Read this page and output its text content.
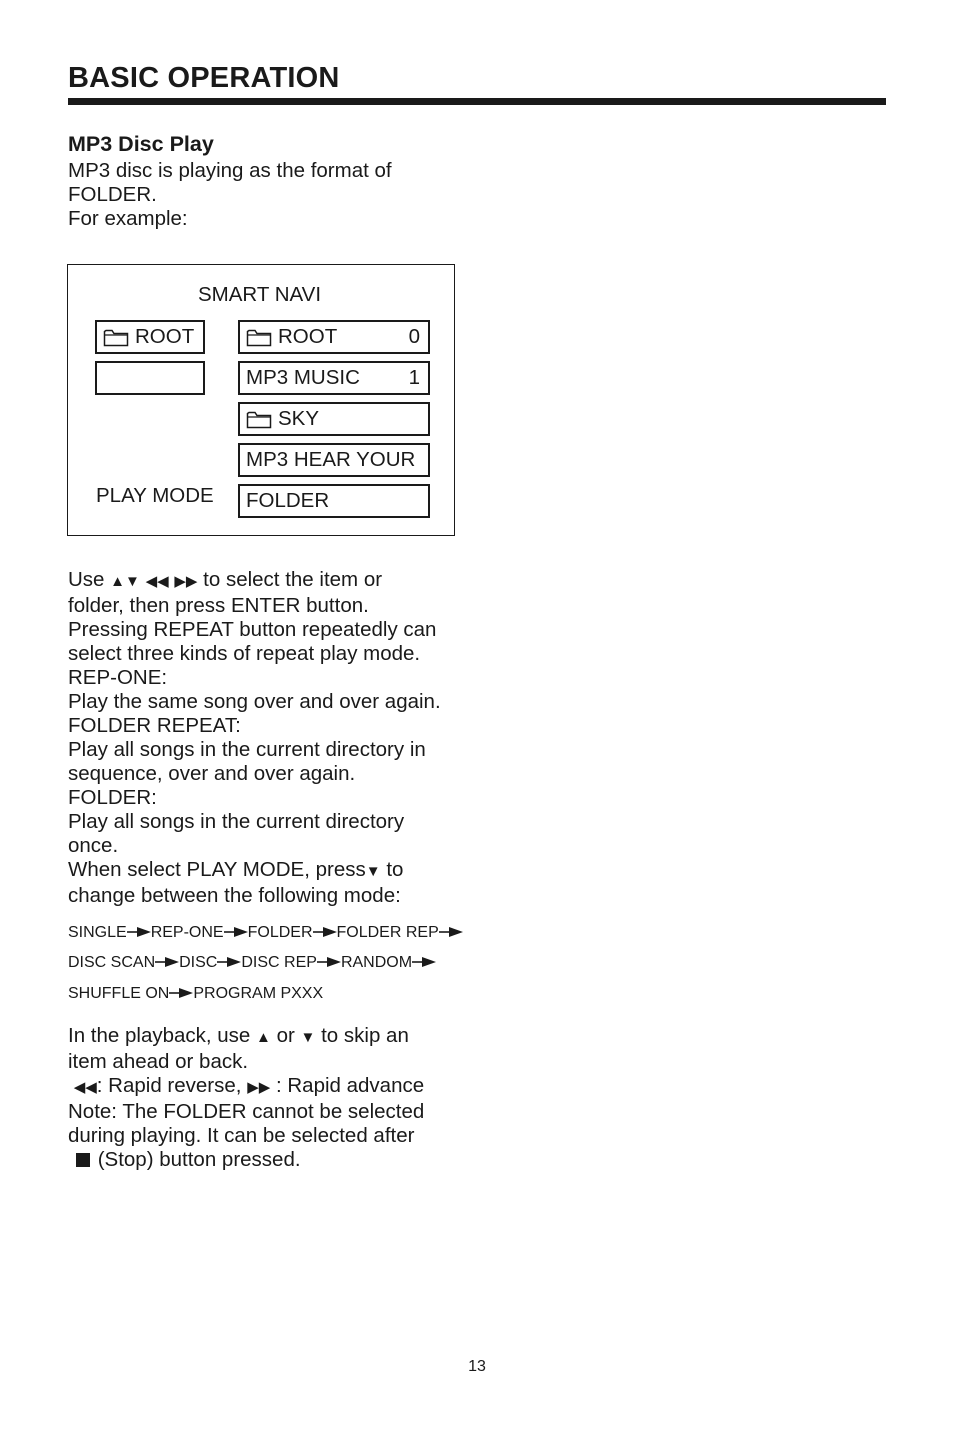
BASIC OPERATION
MP3 Disc Play
MP3 disc is playing as the format of
FOLDER.
For example:
SMART NAVI
ROOT	ROOT	0
MP3 MUSIC 1
SKY
MP3 HEAR YOUR
FOLDER
PLAY MODE
Use ▲▼ ◀◀ ▶▶ to select the item or
folder, then press ENTER button.
Pressing REPEAT button repeatedly can
select three kinds of repeat play mode.
REP-ONE:
Play the same song over and over again.
FOLDER REPEAT:
Play all songs in the current directory in
sequence, over and over again.
FOLDER:
Play all songs in the current directory
once.
When select PLAY MODE, press▼ to
change between the following mode:
SINGLE REP-ONE FOLDER FOLDER REP
DISC SCAN DISC DISC REP RANDOM
SHUFFLE ON PROGRAM PXXX
In the playback, use ▲ or ▼ to skip an
item ahead or back.
◀◀: Rapid reverse, ▶▶ : Rapid advance
Note: The FOLDER cannot be selected
during playing. It can be selected after
(Stop) button pressed.
13
